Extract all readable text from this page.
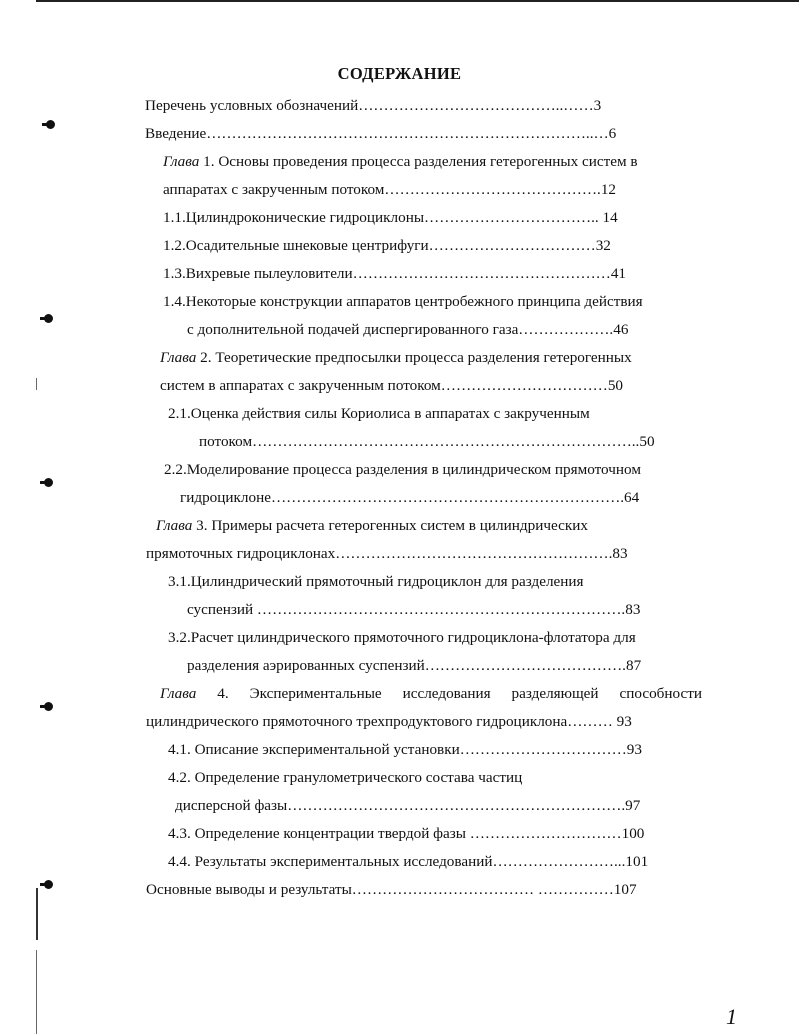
СОДЕРЖАНИЕ
Перечень условных обозначений…………………………………..……3
Введение…………………………………………………………………..…6
Глава 1. Основы проведения процесса разделения гетерогенных систем в
аппаратах с закрученным потоком…………………………………….12
1.1.Цилиндроконические гидроциклоны…………………………….. 14
1.2.Осадительные шнековые центрифуги……………………………32
1.3.Вихревые пылеуловители……………………………………………41
1.4.Некоторые конструкции аппаратов центробежного принципа действия
с дополнительной подачей диспергированного газа……………….46
Глава 2. Теоретические предпосылки процесса разделения гетерогенных
систем в аппаратах с закрученным потоком……………………………50
2.1.Оценка действия силы Кориолиса в аппаратах с закрученным
потоком…………………………………………………………………..50
2.2.Моделирование процесса разделения в цилиндрическом прямоточном
гидроциклоне…………………………………………………………….64
Глава 3. Примеры расчета гетерогенных систем в цилиндрических
прямоточных гидроциклонах……………………………………………….83
3.1.Цилиндрический прямоточный гидроциклон для разделения
суспензий ……………………………………………………………….83
3.2.Расчет цилиндрического прямоточного гидроциклона-флотатора для
разделения аэрированных суспензий………………………………….87
Глава 4. Экспериментальные исследования разделяющей способности
цилиндрического прямоточного трехпродуктового гидроциклона……… 93
4.1. Описание экспериментальной установки……………………………93
4.2. Определение гранулометрического состава частиц
дисперсной фазы………………………………………………………….97
4.3. Определение концентрации твердой фазы …………………………100
4.4. Результаты экспериментальных исследований……………………...101
Основные выводы и результаты……………………………… ……………107
1
